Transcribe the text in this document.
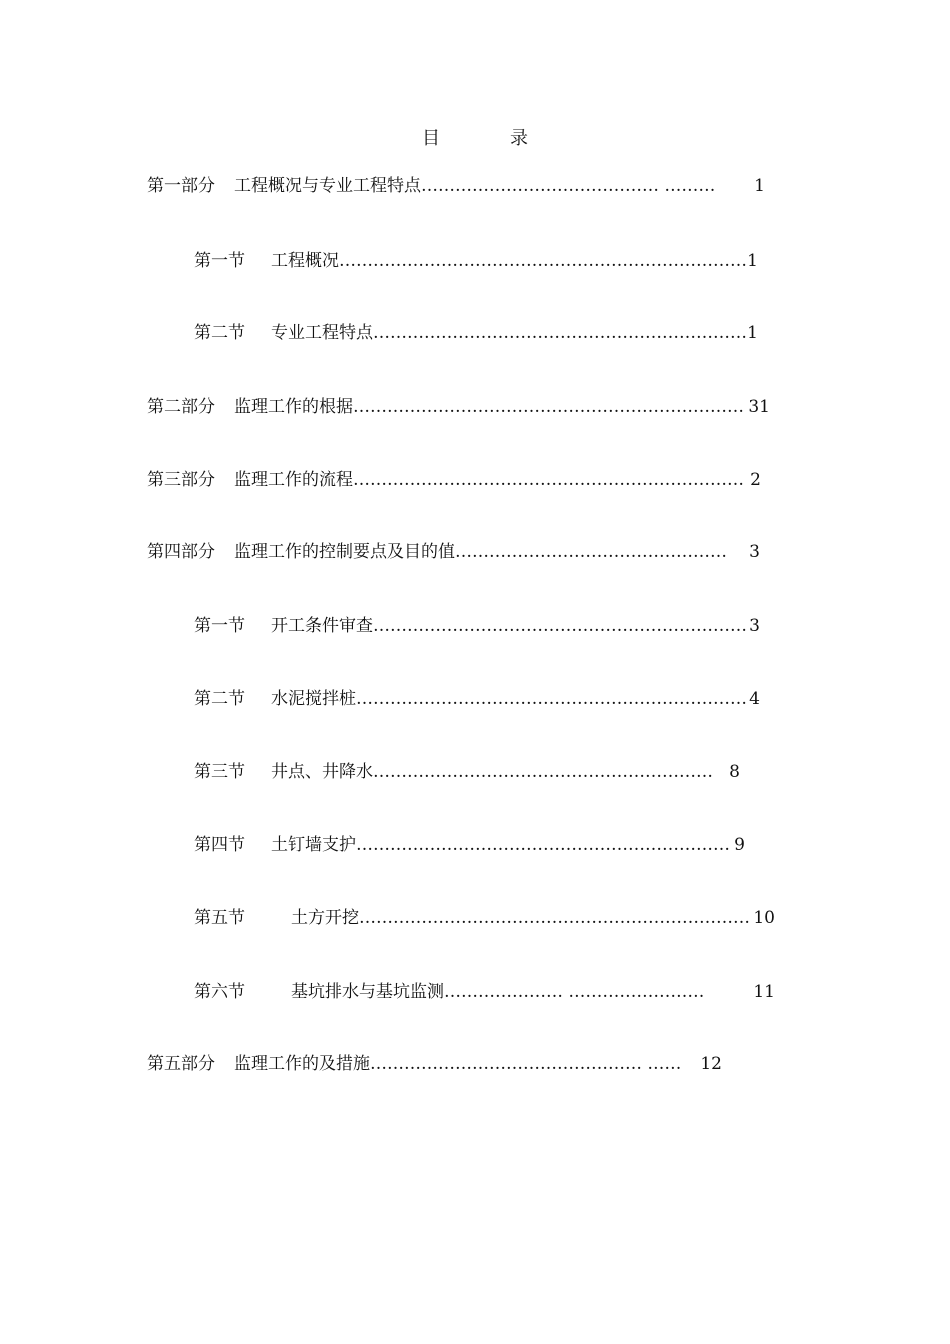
目　录
第一部分	工程概况与专业工程特点 …………………………………… ………	1
第一节	工程概况 ……………………………………………………………… 1
第二节	专业工程特点 ………………………………………………………… 1
第二部分	监理工作的根据 …………………………………………………………… 31
第三部分	监理工作的流程 …………………………………………………………… 2
第四部分	监理工作的控制要点及目的值 …………………………………………	3
第一节	开工条件审查 ………………………………………………………… 3
第二节	水泥搅拌桩 …………………………………………………………… 4
第三节	井点、井降水 …………………………………………………… 8
第四节	土钉墙支护 ………………………………………………………… 9
第五节	土方开挖 …………………………………………………………… 10
第六节	基坑排水与基坑监测 ………………… ……………………	11
第五部分	监理工作的及措施 ………………………………………… ……	12
